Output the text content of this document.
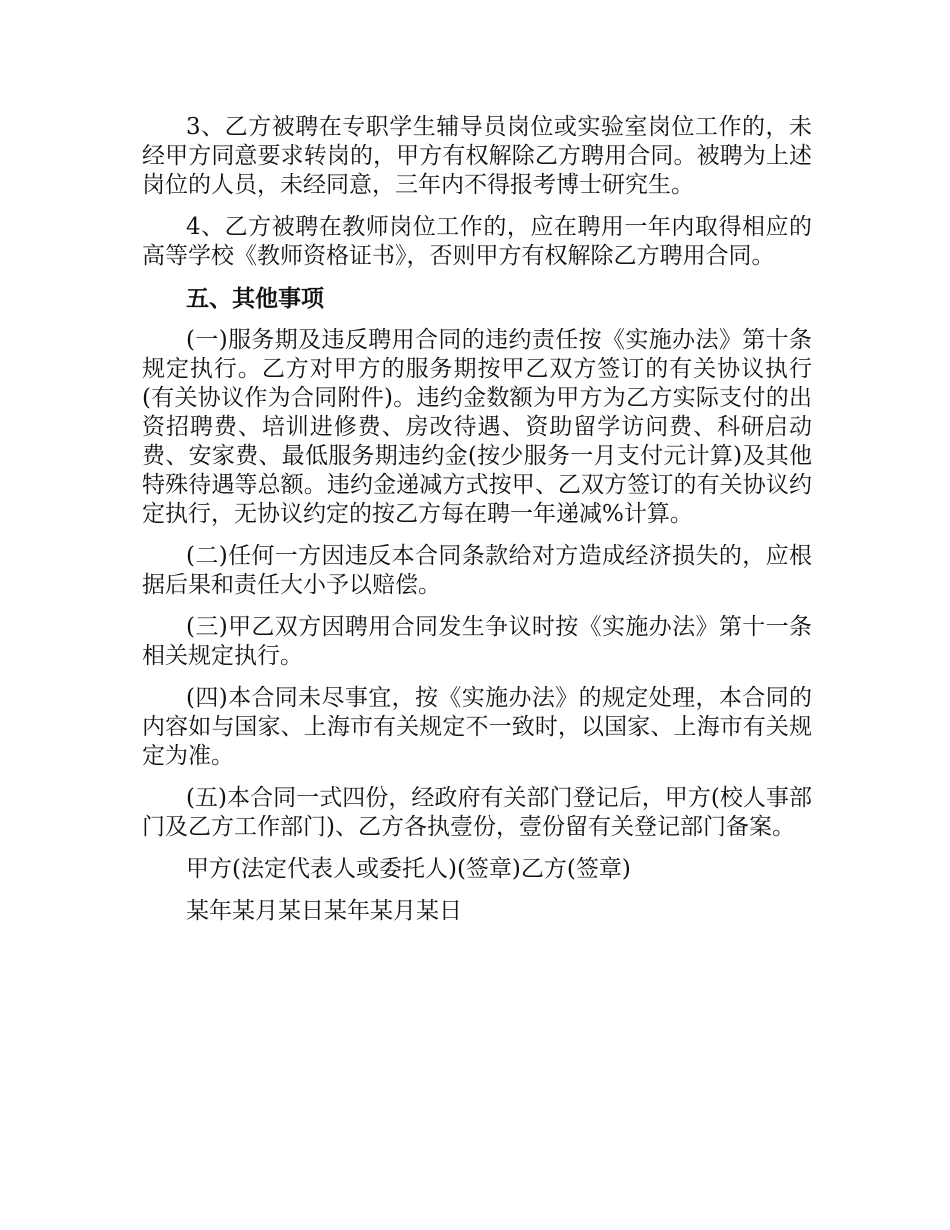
3、乙方被聘在专职学生辅导员岗位或实验室岗位工作的，未经甲方同意要求转岗的，甲方有权解除乙方聘用合同。被聘为上述岗位的人员，未经同意，三年内不得报考博士研究生。

4、乙方被聘在教师岗位工作的，应在聘用一年内取得相应的高等学校《教师资格证书》，否则甲方有权解除乙方聘用合同。

五、其他事项

(一)服务期及违反聘用合同的违约责任按《实施办法》第十条规定执行。乙方对甲方的服务期按甲乙双方签订的有关协议执行(有关协议作为合同附件)。违约金数额为甲方为乙方实际支付的出资招聘费、培训进修费、房改待遇、资助留学访问费、科研启动费、安家费、最低服务期违约金(按少服务一月支付元计算)及其他特殊待遇等总额。违约金递减方式按甲、乙双方签订的有关协议约定执行，无协议约定的按乙方每在聘一年递减%计算。

(二)任何一方因违反本合同条款给对方造成经济损失的，应根据后果和责任大小予以赔偿。

(三)甲乙双方因聘用合同发生争议时按《实施办法》第十一条相关规定执行。

(四)本合同未尽事宜，按《实施办法》的规定处理，本合同的内容如与国家、上海市有关规定不一致时，以国家、上海市有关规定为准。

(五)本合同一式四份，经政府有关部门登记后，甲方(校人事部门及乙方工作部门)、乙方各执壹份，壹份留有关登记部门备案。

甲方(法定代表人或委托人)(签章)乙方(签章)

某年某月某日某年某月某日
